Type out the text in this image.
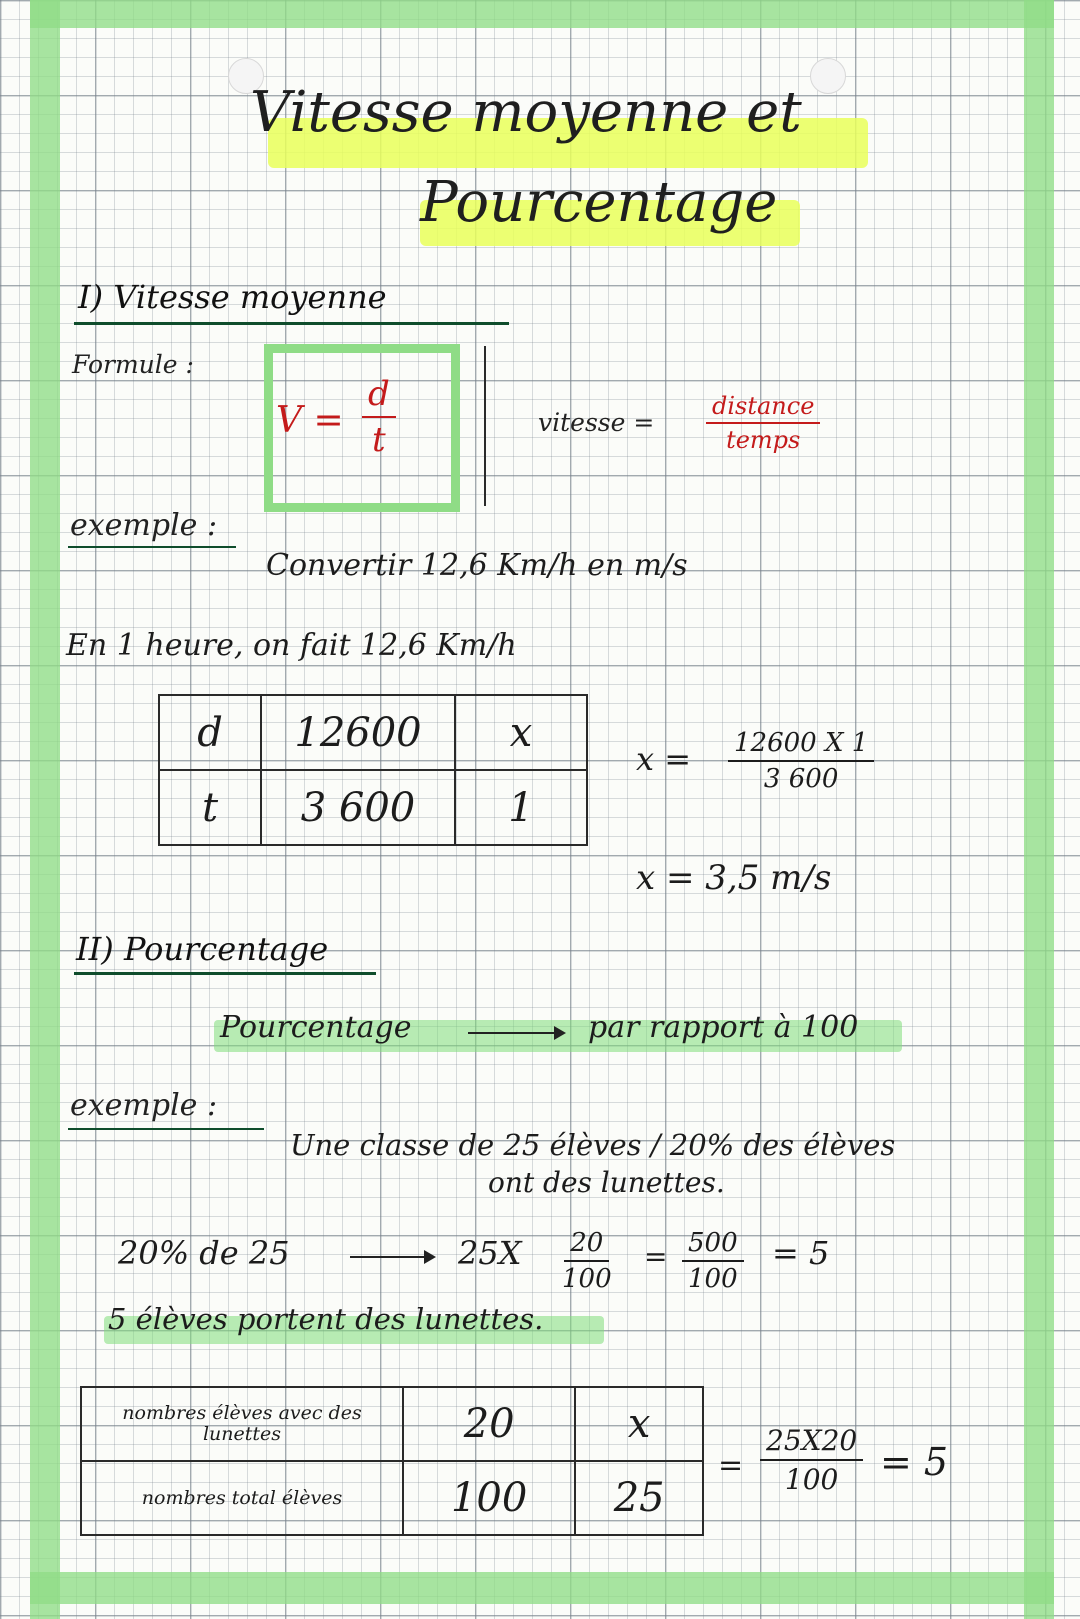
Vitesse moyenne et
Pourcentage
I) Vitesse moyenne
Formule :
$V = \frac{d}{t}$	vitesse =
distance
temps
exemple :
Convertir 12,6 Km/h en m/s
En 1 heure, on fait 12,6 Km/h
d	12600	x
t	3 600	1
$x = \frac{12600 X 1}{3 600}$
x = 3,5 m/s
II) Pourcentage
Pourcentage	par rapport à 100
exemple :
Une classe de 25 élèves / 20% des élèves
ont des lunettes.
20% de 25	$25X \frac{20}{100} = \frac{500}{100} = 5$
5 élèves portent des lunettes.
nombres élèves avec des lunettes	20	x
nombres total élèves	100	25
= $\frac{25X20}{100} = 5$
